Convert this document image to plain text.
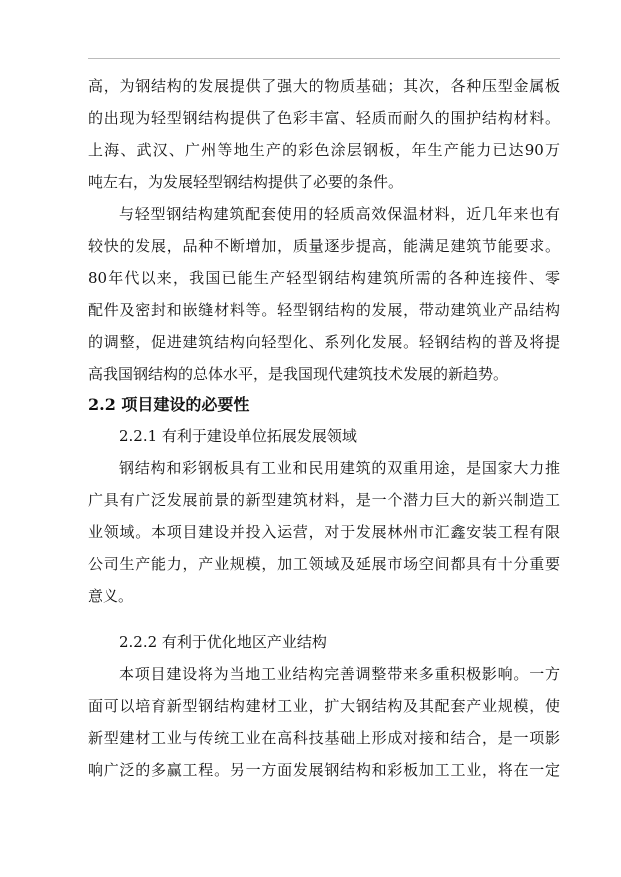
高，为钢结构的发展提供了强大的物质基础；其次，各种压型金属板
的出现为轻型钢结构提供了色彩丰富、轻质而耐久的围护结构材料。
上海、武汉、广州等地生产的彩色涂层钢板，年生产能力已达90万
吨左右，为发展轻型钢结构提供了必要的条件。
与轻型钢结构建筑配套使用的轻质高效保温材料，近几年来也有
较快的发展，品种不断增加，质量逐步提高，能满足建筑节能要求。
80年代以来，我国已能生产轻型钢结构建筑所需的各种连接件、零
配件及密封和嵌缝材料等。轻型钢结构的发展，带动建筑业产品结构
的调整，促进建筑结构向轻型化、系列化发展。轻钢结构的普及将提
高我国钢结构的总体水平，是我国现代建筑技术发展的新趋势。
2.2 项目建设的必要性
2.2.1 有利于建设单位拓展发展领域
钢结构和彩钢板具有工业和民用建筑的双重用途，是国家大力推
广具有广泛发展前景的新型建筑材料，是一个潜力巨大的新兴制造工
业领域。本项目建设并投入运营，对于发展林州市汇鑫安装工程有限
公司生产能力，产业规模，加工领域及延展市场空间都具有十分重要
意义。
2.2.2 有利于优化地区产业结构
本项目建设将为当地工业结构完善调整带来多重积极影响。一方
面可以培育新型钢结构建材工业，扩大钢结构及其配套产业规模，使
新型建材工业与传统工业在高科技基础上形成对接和结合，是一项影
响广泛的多赢工程。另一方面发展钢结构和彩板加工工业，将在一定
